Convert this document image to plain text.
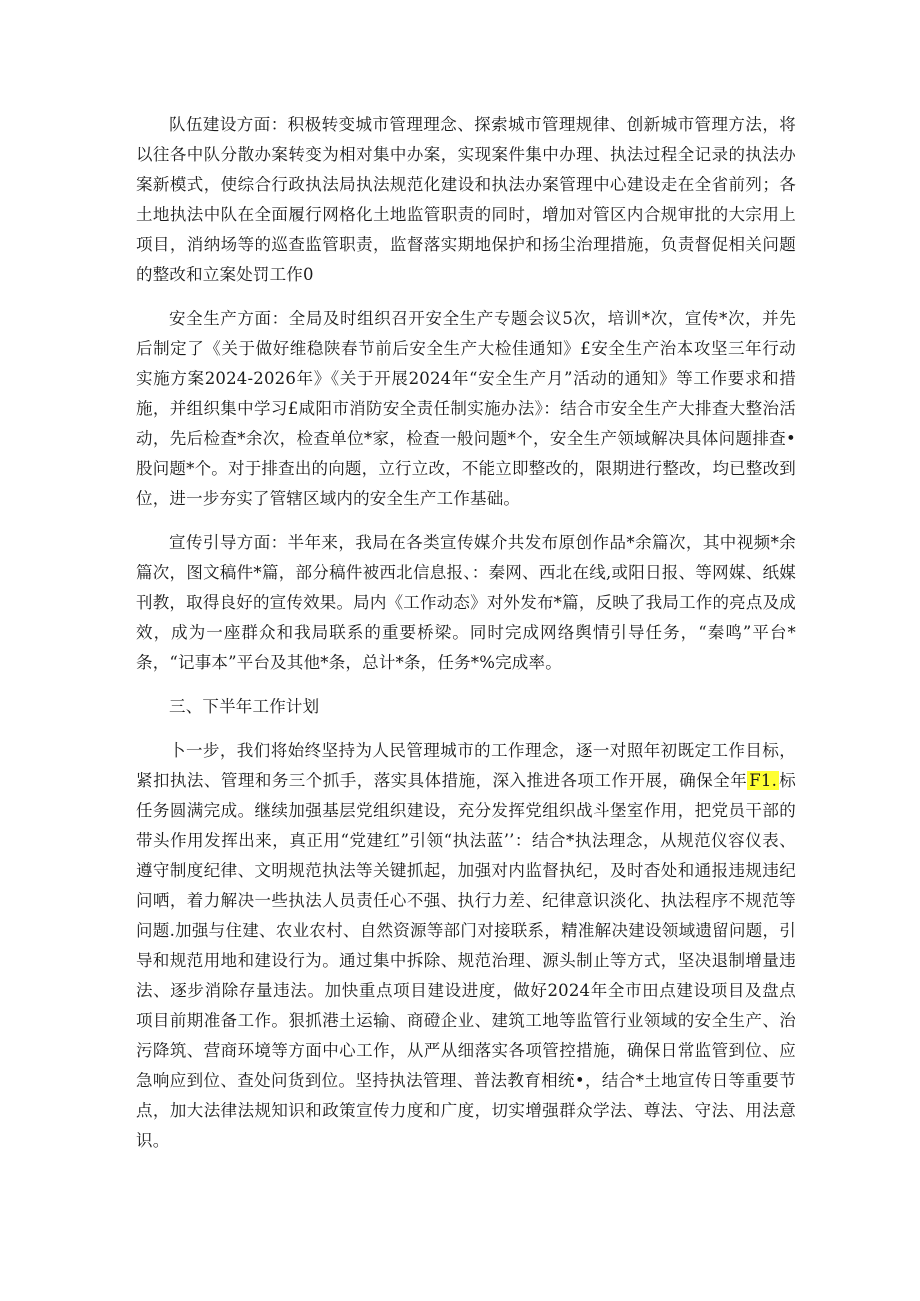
队伍建设方面：积极转变城市管理理念、探索城市管理规律、创新城市管理方法，将以往各中队分散办案转变为相对集中办案，实现案件集中办理、执法过程全记录的执法办案新模式，使综合行政执法局执法规范化建设和执法办案管理中心建设走在全省前列；各土地执法中队在全面履行网格化土地监管职责的同时，增加对管区内合规审批的大宗用上项目，消纳场等的巡查监管职责，监督落实期地保护和扬尘治理措施，负责督促相关问题的整改和立案处罚工作0

安全生产方面：全局及时组织召开安全生产专题会议5次，培训*次，宣传*次，并先后制定了《关于做好维稳陕春节前后安全生产大检佳通知》£安全生产治本攻坚三年行动实施方案2024-2026年》《关于开展2024年“安全生产月”活动的通知》等工作要求和措施，并组织集中学习£咸阳市消防安全责任制实施办法》：结合市安全生产大排查大整治活动，先后检查*余次，检查单位*家，检查一般问题*个，安全生产领域解决具体问题排查•股问题*个。对于排查出的向题，立行立改，不能立即整改的，限期进行整改，均已整改到位，进一步夯实了管辖区域内的安全生产工作基础。

宣传引导方面：半年来，我局在各类宣传媒介共发布原创作品*余篇次，其中视频*余篇次，图文稿件*篇，部分稿件被西北信息报、：秦网、西北在线,或阳日报、等网媒、纸媒刊教，取得良好的宣传效果。局内《工作动态》对外发布*篇，反映了我局工作的亮点及成效，成为一座群众和我局联系的重要桥梁。同时完成网络舆情引导任务，“秦鸣”平台*条，“记事本”平台及其他*条，总计*条，任务*%完成率。

三、下半年工作计划

卜一步，我们将始终坚持为人民管理城市的工作理念，逐一对照年初既定工作目标，紧扣执法、管理和务三个抓手，落实具体措施，深入推进各项工作开展，确保全年 F1. 标任务圆满完成。继续加强基层党组织建设，充分发挥党组织战斗堡室作用，把党员干部的带头作用发挥出来，真正用“党建红”引领“执法蓝’’：结合*执法理念，从规范仪容仪表、遵守制度纪律、文明规范执法等关键抓起，加强对内监督执纪，及时杳处和通报违规违纪问哂，着力解决一些执法人员责任心不强、执行力差、纪律意识淡化、执法程序不规范等问题.加强与住建、农业农村、自然资源等部门对接联系，精准解决建设领域遗留问题，引导和规范用地和建设行为。通过集中拆除、规范治理、源头制止等方式，坚决退制增量违法、逐步消除存量违法。加快重点项目建设进度，做好2024年全市田点建设项目及盘点项目前期准备工作。狠抓港土运输、商磴企业、建筑工地等监管行业领域的安全生产、治污降筑、营商环境等方面中心工作，从严从细落实各项管控措施，确保日常监管到位、应急响应到位、查处问货到位。坚持执法管理、普法教育相统•，结合*土地宣传日等重要节点，加大法律法规知识和政策宣传力度和广度，切实增强群众学法、尊法、守法、用法意识。
